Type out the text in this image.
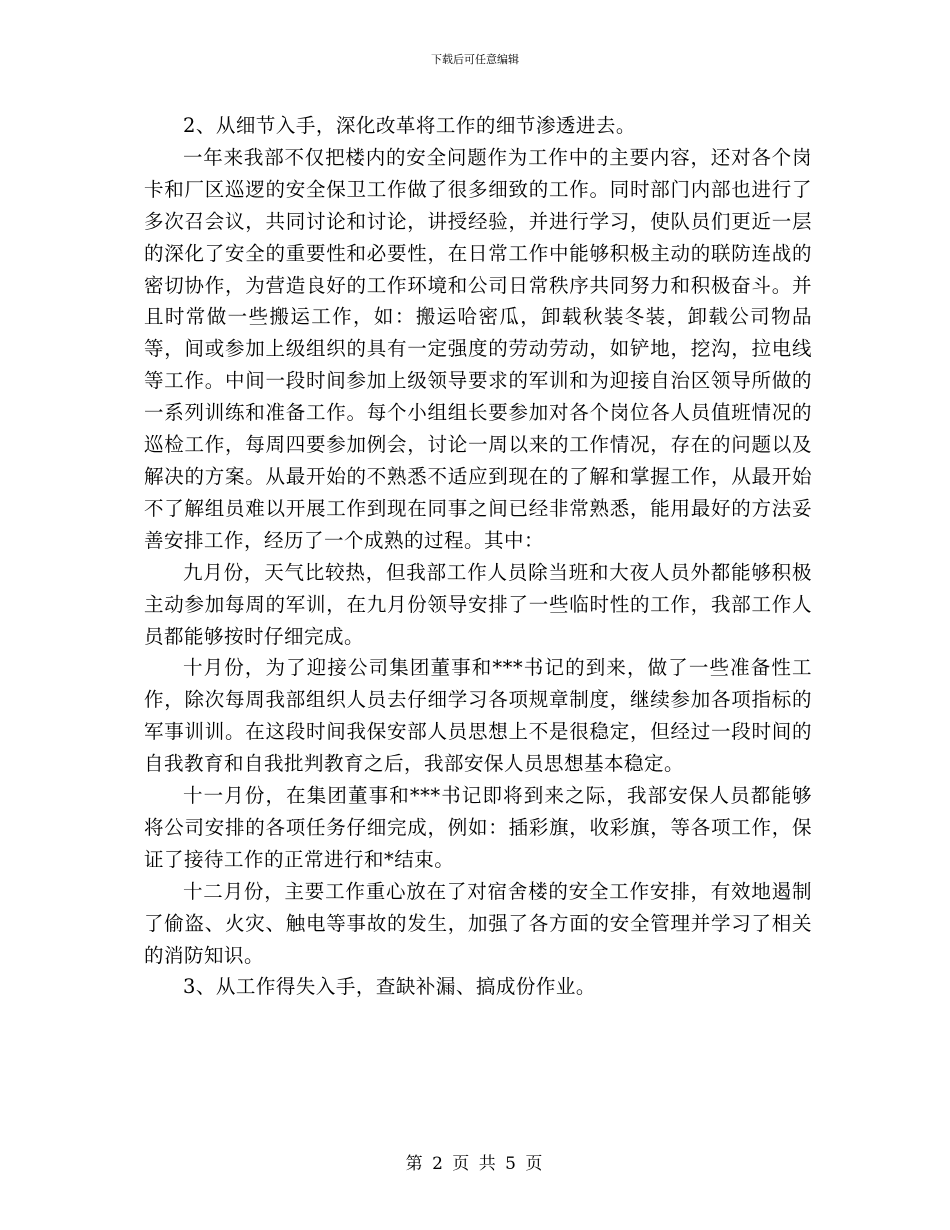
下载后可任意编辑

2、从细节入手，深化改革将工作的细节渗透进去。

一年来我部不仅把楼内的安全问题作为工作中的主要内容，还对各个岗卡和厂区巡逻的安全保卫工作做了很多细致的工作。同时部门内部也进行了多次召会议，共同讨论和讨论，讲授经验，并进行学习，使队员们更近一层的深化了安全的重要性和必要性，在日常工作中能够积极主动的联防连战的密切协作，为营造良好的工作环境和公司日常秩序共同努力和积极奋斗。并且时常做一些搬运工作，如：搬运哈密瓜，卸载秋装冬装，卸载公司物品等，间或参加上级组织的具有一定强度的劳动劳动，如铲地，挖沟，拉电线等工作。中间一段时间参加上级领导要求的军训和为迎接自治区领导所做的一系列训练和准备工作。每个小组组长要参加对各个岗位各人员值班情况的巡检工作，每周四要参加例会，讨论一周以来的工作情况，存在的问题以及解决的方案。从最开始的不熟悉不适应到现在的了解和掌握工作，从最开始不了解组员难以开展工作到现在同事之间已经非常熟悉，能用最好的方法妥善安排工作，经历了一个成熟的过程。其中：

九月份，天气比较热，但我部工作人员除当班和大夜人员外都能够积极主动参加每周的军训，在九月份领导安排了一些临时性的工作，我部工作人员都能够按时仔细完成。

十月份，为了迎接公司集团董事和***书记的到来，做了一些准备性工作，除次每周我部组织人员去仔细学习各项规章制度，继续参加各项指标的军事训训。在这段时间我保安部人员思想上不是很稳定，但经过一段时间的自我教育和自我批判教育之后，我部安保人员思想基本稳定。

十一月份，在集团董事和***书记即将到来之际，我部安保人员都能够将公司安排的各项任务仔细完成，例如：插彩旗，收彩旗，等各项工作，保证了接待工作的正常进行和*结束。

十二月份，主要工作重心放在了对宿舍楼的安全工作安排，有效地遏制了偷盗、火灾、触电等事故的发生，加强了各方面的安全管理并学习了相关的消防知识。

3、从工作得失入手，查缺补漏、搞成份作业。

第 2 页 共 5 页
